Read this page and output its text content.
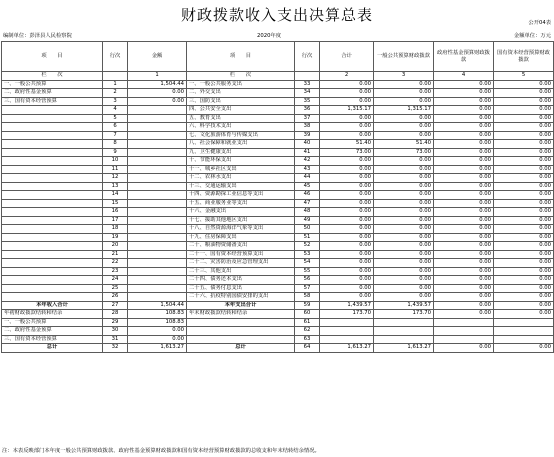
财政拨款收入支出决算总表	公开04表
编制单位：彭泽县人民检察院	2020年度	金额单位：万元
项　　目	行次	金额	项　　目	行次	合计	一般公共预算财政拨款	政府性基金预算财政拨款	国有资本经营预算财政拨款
栏　　次		1	栏　　次		2	3	4	5
一、一般公共预算	1	1,504.44	一、一般公共服务支出	33	0.00	0.00	0.00	0.00
二、政府性基金预算	2	0.00	二、外交支出	34	0.00	0.00	0.00	0.00
三、国有资本经营预算	3	0.00	三、国防支出	35	0.00	0.00	0.00	0.00
	4		四、公共安全支出	36	1,315.17	1,315.17	0.00	0.00
	5		五、教育支出	37	0.00	0.00	0.00	0.00
	6		六、科学技术支出	38	0.00	0.00	0.00	0.00
	7		七、文化旅游体育与传媒支出	39	0.00	0.00	0.00	0.00
	8		八、社会保障和就业支出	40	51.40	51.40	0.00	0.00
	9		九、卫生健康支出	41	73.00	73.00	0.00	0.00
	10		十、节能环保支出	42	0.00	0.00	0.00	0.00
	11		十一、城乡社区支出	43	0.00	0.00	0.00	0.00
	12		十二、农林水支出	44	0.00	0.00	0.00	0.00
	13		十三、交通运输支出	45	0.00	0.00	0.00	0.00
	14		十四、资源勘探工业信息等支出	46	0.00	0.00	0.00	0.00
	15		十五、商业服务业等支出	47	0.00	0.00	0.00	0.00
	16		十六、金融支出	48	0.00	0.00	0.00	0.00
	17		十七、援助其他地区支出	49	0.00	0.00	0.00	0.00
	18		十八、自然资源海洋气象等支出	50	0.00	0.00	0.00	0.00
	19		十九、住房保障支出	51	0.00	0.00	0.00	0.00
	20		二十、粮油物资储备支出	52	0.00	0.00	0.00	0.00
	21		二十一、国有资本经营预算支出	53	0.00	0.00	0.00	0.00
	22		二十二、灾害防治及应急管理支出	54	0.00	0.00	0.00	0.00
	23		二十三、其他支出	55	0.00	0.00	0.00	0.00
	24		二十四、债务还本支出	56	0.00	0.00	0.00	0.00
	25		二十五、债务付息支出	57	0.00	0.00	0.00	0.00
	26		二十六、抗疫特别国债安排的支出	58	0.00	0.00	0.00	0.00
本年收入合计	27	1,504.44	本年支出合计	59	1,439.57	1,439.57	0.00	0.00
年初财政拨款结转和结余	28	108.83	年末财政拨款结转和结余	60	173.70	173.70	0.00	0.00
一、一般公共预算	29	108.83		61				
二、政府性基金预算	30	0.00		62				
三、国有资本经营预算	31	0.00		63				
总计	32	1,613.27	总计	64	1,613.27	1,613.27	0.00	0.00
注：本表反映部门本年度一般公共预算财政拨款、政府性基金预算财政拨款和国有资本经营预算财政拨款的总收支和年末结转结余情况。
